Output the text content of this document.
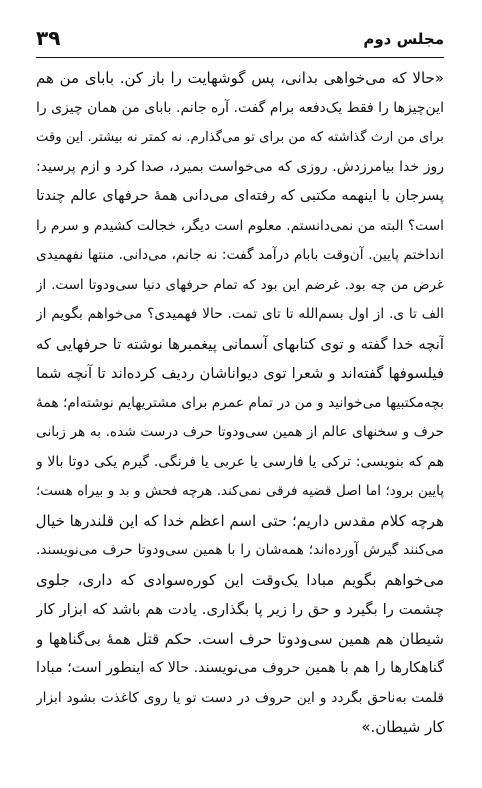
مجلس دوم
۳۹
«حالا که می‌خواهی بدانی، پس گوشهایت را باز کن. بابای من هم
این‌چیزها را فقط یک‌دفعه برام گفت. آره جانم. بابای من همان چیزی را
برای من ارث گذاشته که من برای تو می‌گذارم. نه کمتر نه بیشتر. این وقت
روز خدا بیامرزدش. روزی که می‌خواست بمیرد، صدا کرد و ازم پرسید:
پسرجان با اینهمه مکتبی که رفته‌ای می‌دانی همهٔ حرفهای عالم چندتا
است؟ البته من نمی‌دانستم. معلوم است دیگر، خجالت کشیدم و سرم را
انداختم پایین. آن‌وقت بابام درآمد گفت: نه جانم، می‌دانی. منتها نفهمیدی
غرض من چه بود. غرضم این بود که تمام حرفهای دنیا سی‌ودوتا است. از
الف تا ی. از اول بسم‌الله تا تای تمت. حالا فهمیدی؟ می‌خواهم بگویم از
آنچه خدا گفته و توی کتابهای آسمانی پیغمبرها نوشته تا حرفهایی که
فیلسوفها گفته‌اند و شعرا توی دیواناشان ردیف کرده‌اند تا آنچه شما
بچه‌مکتبیها می‌خوانید و من در تمام عمرم برای مشتریهایم نوشته‌ام؛ همهٔ
حرف و سخنهای عالم از همین سی‌ودوتا حرف درست شده. به هر زبانی
هم که بنویسی: ترکی یا فارسی یا عربی یا فرنگی. گیرم یکی دوتا بالا و
پایین برود؛ اما اصل قضیه فرقی نمی‌کند. هرچه فحش و بد و بیراه هست؛
هرچه کلام مقدس داریم؛ حتی اسم اعظم خدا که این قلندرها خیال
می‌کنند گیرش آورده‌اند؛ همه‌شان را با همین سی‌ودوتا حرف می‌نویسند.
می‌خواهم بگویم مبادا یک‌وقت این کوره‌سوادی که داری، جلوی
چشمت را بگیرد و حق را زیر پا بگذاری. یادت هم باشد که ابزار کار
شیطان هم همین سی‌ودوتا حرف است. حکم قتل همهٔ بی‌گناهها و
گناهکارها را هم با همین حروف می‌نویسند. حالا که اینطور است؛ مبادا
قلمت به‌ناحق بگردد و این حروف در دست تو یا روی کاغذت بشود ابزار
کار شیطان.»
